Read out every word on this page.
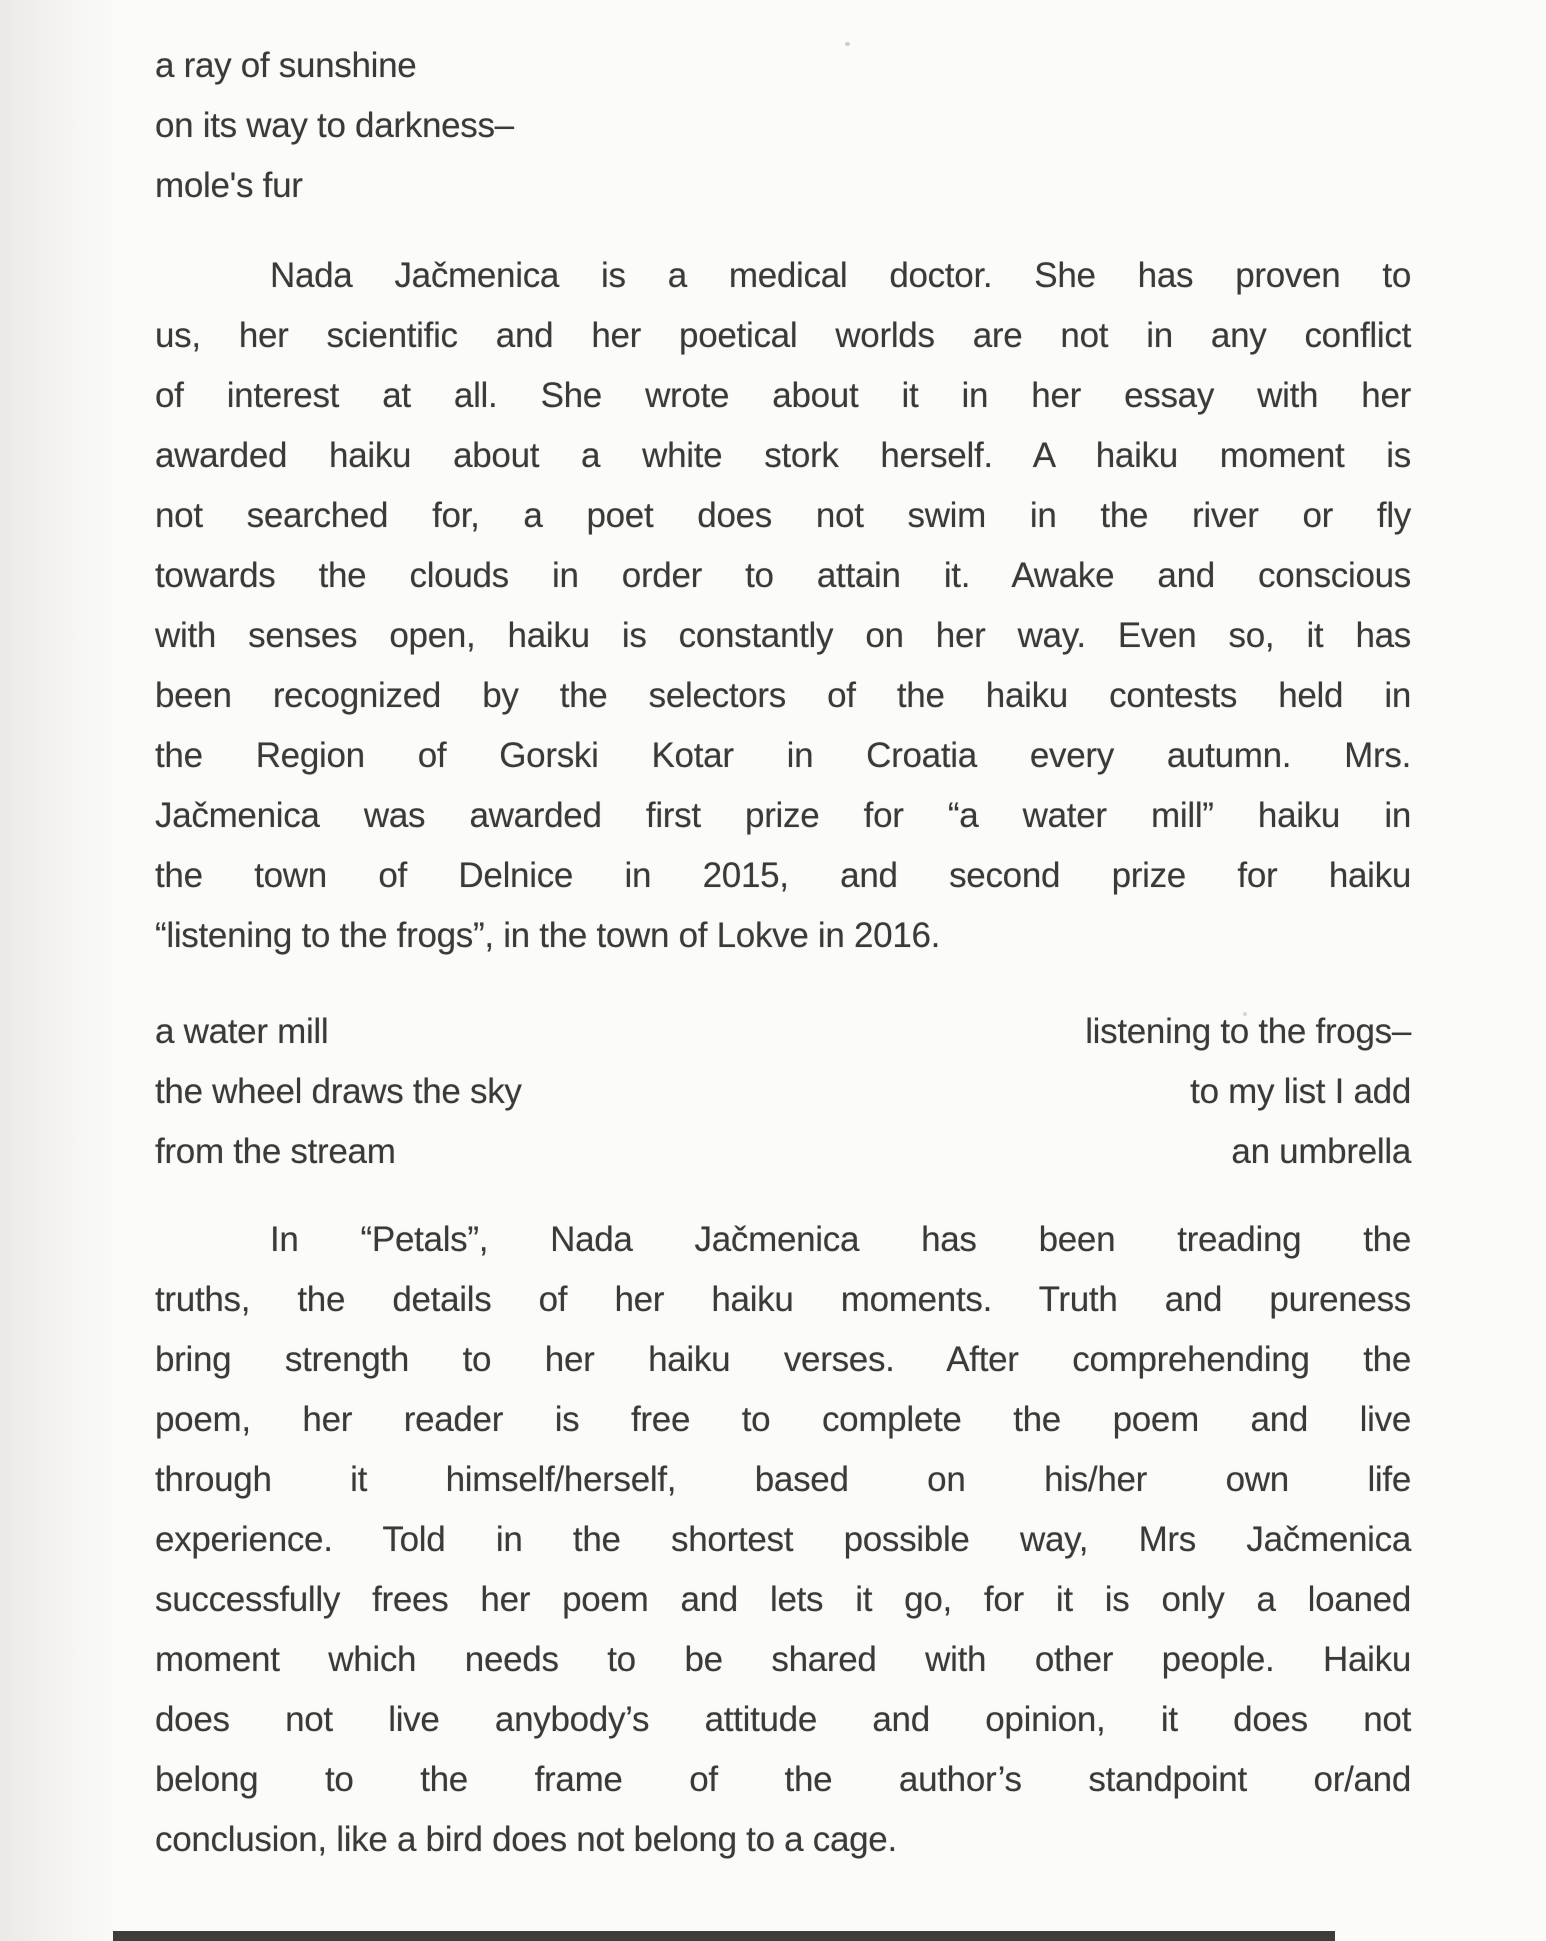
a ray of sunshine
on its way to darkness–
mole's fur
Nada Jačmenica is a medical doctor. She has proven to
us, her scientific and her poetical worlds are not in any conflict
of interest at all. She wrote about it in her essay with her
awarded haiku about a white stork herself. A haiku moment is
not searched for, a poet does not swim in the river or fly
towards the clouds in order to attain it. Awake and conscious
with senses open, haiku is constantly on her way. Even so, it has
been recognized by the selectors of the haiku contests held in
the Region of Gorski Kotar in Croatia every autumn. Mrs.
Jačmenica was awarded first prize for “a water mill” haiku in
the town of Delnice in 2015, and second prize for haiku
“listening to the frogs”, in the town of Lokve in 2016.
a water mill
the wheel draws the sky
from the stream
listening to the frogs–
to my list I add
an umbrella
In “Petals”, Nada Jačmenica has been treading the
truths, the details of her haiku moments. Truth and pureness
bring strength to her haiku verses. After comprehending the
poem, her reader is free to complete the poem and live
through it himself/herself, based on his/her own life
experience. Told in the shortest possible way, Mrs Jačmenica
successfully frees her poem and lets it go, for it is only a loaned
moment which needs to be shared with other people. Haiku
does not live anybody’s attitude and opinion, it does not
belong to the frame of the author’s standpoint or/and
conclusion, like a bird does not belong to a cage.
